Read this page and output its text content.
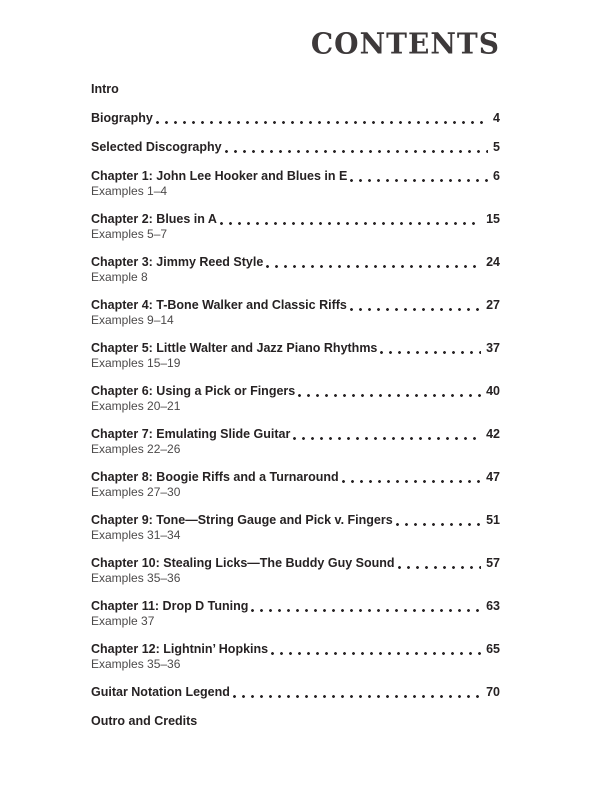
CONTENTS
Intro
Biography	4
Selected Discography	5
Chapter 1: John Lee Hooker and Blues in E	6
Examples 1–4
Chapter 2: Blues in A	15
Examples 5–7
Chapter 3: Jimmy Reed Style	24
Example 8
Chapter 4: T-Bone Walker and Classic Riffs	27
Examples 9–14
Chapter 5: Little Walter and Jazz Piano Rhythms	37
Examples 15–19
Chapter 6: Using a Pick or Fingers	40
Examples 20–21
Chapter 7: Emulating Slide Guitar	42
Examples 22–26
Chapter 8: Boogie Riffs and a Turnaround	47
Examples 27–30
Chapter 9: Tone—String Gauge and Pick v. Fingers	51
Examples 31–34
Chapter 10: Stealing Licks—The Buddy Guy Sound	57
Examples 35–36
Chapter 11: Drop D Tuning	63
Example 37
Chapter 12: Lightnin’ Hopkins	65
Examples 35–36
Guitar Notation Legend	70
Outro and Credits
